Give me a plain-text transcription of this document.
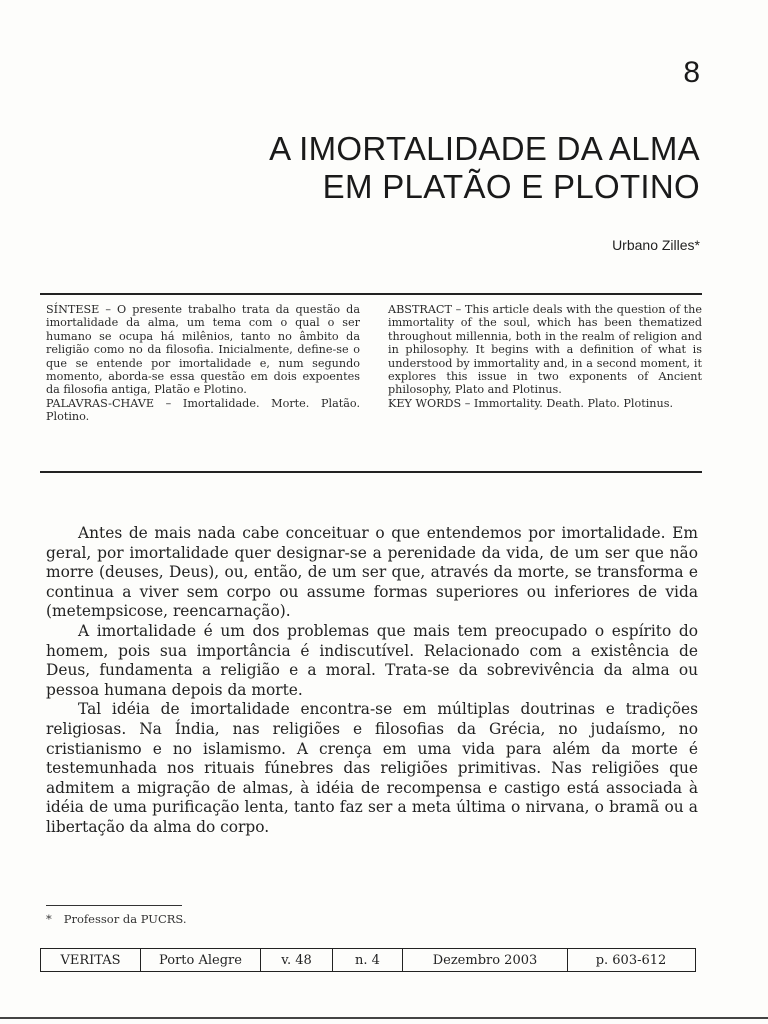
8
A IMORTALIDADE DA ALMA
EM PLATÃO E PLOTINO
Urbano Zilles*

SÍNTESE – O presente trabalho trata da questão da imortalidade da alma, um tema com o qual o ser humano se ocupa há milênios, tanto no âmbito da religião como no da filosofia. Inicialmente, define-se o que se entende por imortalidade e, num segundo momento, aborda-se essa questão em dois expoentes da filosofia antiga, Platão e Plotino.

PALAVRAS-CHAVE – Imortalidade. Morte. Platão. Plotino.

ABSTRACT – This article deals with the question of the immortality of the soul, which has been thematized throughout millennia, both in the realm of religion and in philosophy. It begins with a definition of what is understood by immortality and, in a second moment, it explores this issue in two exponents of Ancient philosophy, Plato and Plotinus.

KEY WORDS – Immortality. Death. Plato. Plotinus.

Antes de mais nada cabe conceituar o que entendemos por imortalidade. Em geral, por imortalidade quer designar-se a perenidade da vida, de um ser que não morre (deuses, Deus), ou, então, de um ser que, através da morte, se transforma e continua a viver sem corpo ou assume formas superiores ou inferiores de vida (metempsicose, reencarnação).

A imortalidade é um dos problemas que mais tem preocupado o espírito do homem, pois sua importância é indiscutível. Relacionado com a existência de Deus, fundamenta a religião e a moral. Trata-se da sobrevivência da alma ou pessoa humana depois da morte.

Tal idéia de imortalidade encontra-se em múltiplas doutrinas e tradições religiosas. Na Índia, nas religiões e filosofias da Grécia, no judaísmo, no cristianismo e no islamismo. A crença em uma vida para além da morte é testemunhada nos rituais fúnebres das religiões primitivas. Nas religiões que admitem a migração de almas, à idéia de recompensa e castigo está associada à idéia de uma purificação lenta, tanto faz ser a meta última o nirvana, o bramã ou a libertação da alma do corpo.

* Professor da PUCRS.
VERITAS	Porto Alegre	v. 48	n. 4	Dezembro 2003	p. 603-612
